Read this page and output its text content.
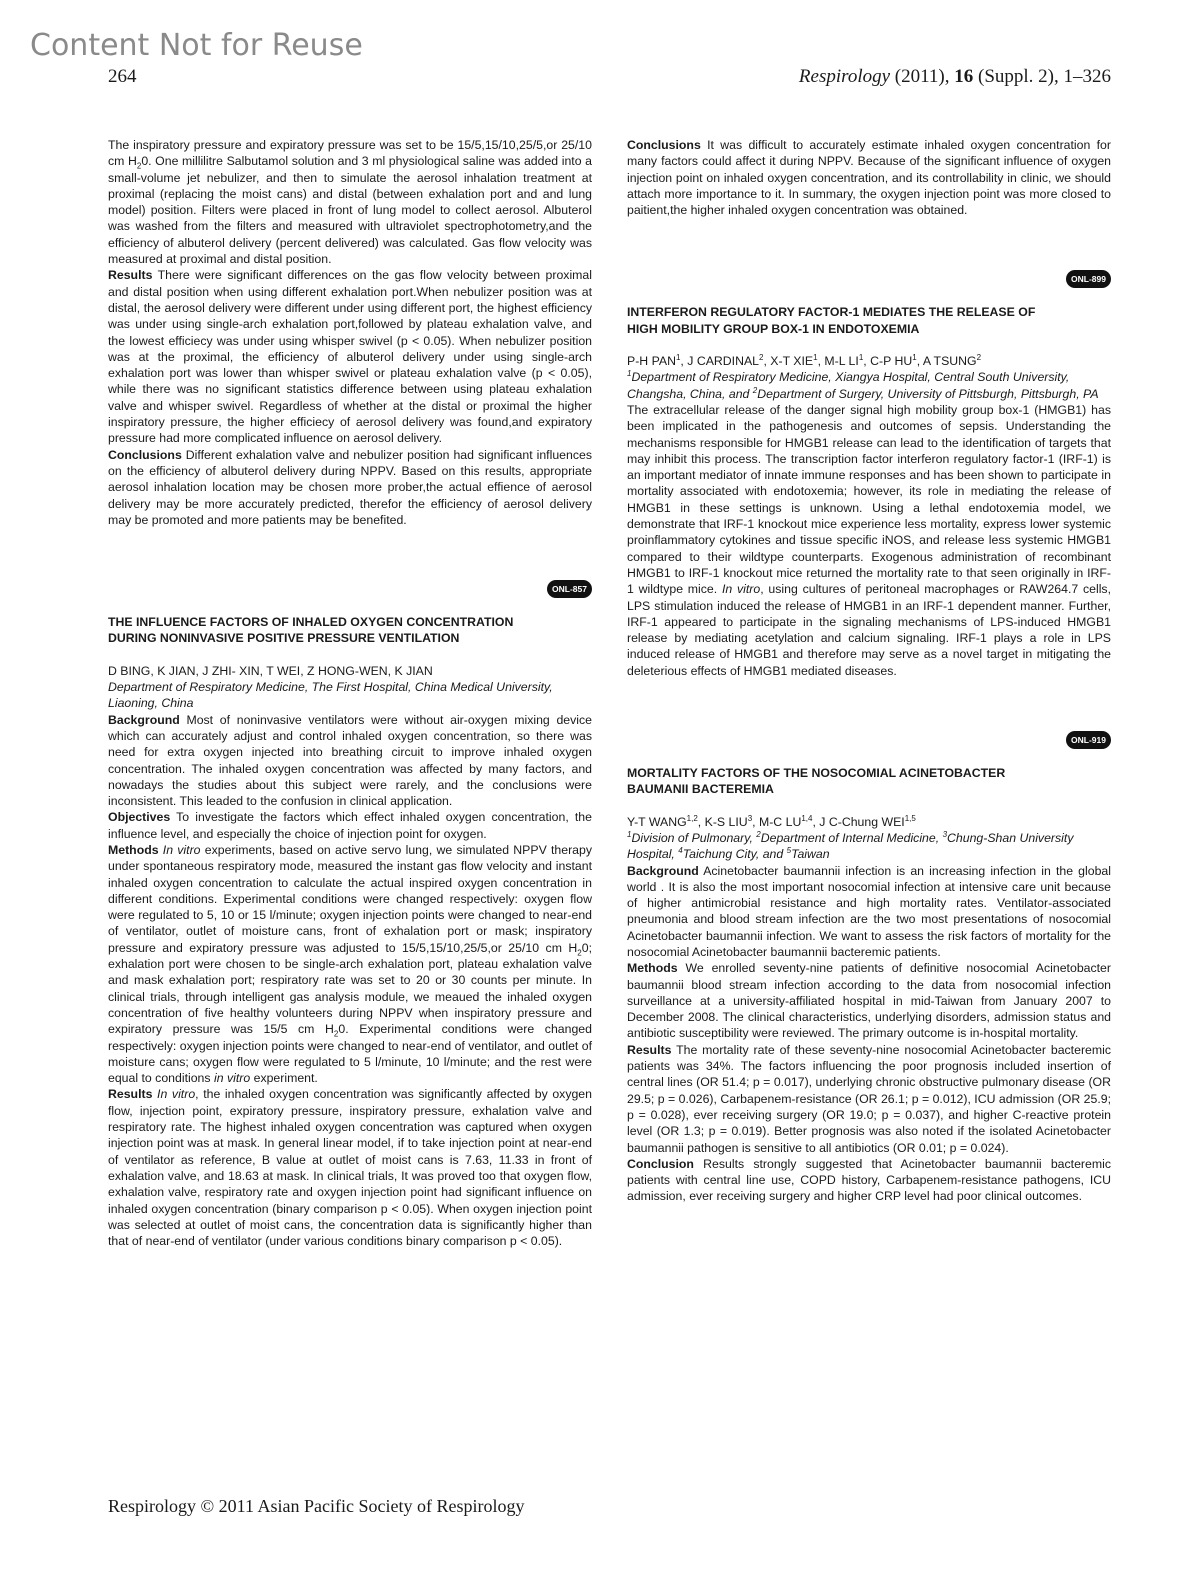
Content Not for Reuse
264	Respirology (2011), 16 (Suppl. 2), 1–326

The inspiratory pressure and expiratory pressure was set to be 15/5,15/10,25/5,or 25/10 cm $H_20$. One millilitre Salbutamol solution and 3 ml physiological saline was added into a small-volume jet nebulizer, and then to simulate the aerosol inhalation treatment at proximal (replacing the moist cans) and distal (between exhalation port and and lung model) position. Filters were placed in front of lung model to collect aerosol. Albuterol was washed from the filters and measured with ultraviolet spectrophotometry,and the efficiency of albuterol delivery (percent delivered) was calculated. Gas flow velocity was measured at proximal and distal position.

Results There were significant differences on the gas flow velocity between proximal and distal position when using different exhalation port.When nebulizer position was at distal, the aerosol delivery were different under using different port, the highest efficiency was under using single-arch exhalation port,followed by plateau exhalation valve, and the lowest efficiecy was under using whisper swivel (p < 0.05). When nebulizer position was at the proximal, the efficiency of albuterol delivery under using single-arch exhalation port was lower than whisper swivel or plateau exhalation valve (p < 0.05), while there was no significant statistics difference between using plateau exhalation valve and whisper swivel. Regardless of whether at the distal or proximal the higher inspiratory pressure, the higher efficiecy of aerosol delivery was found,and expiratory pressure had more complicated influence on aerosol delivery.

Conclusions Different exhalation valve and nebulizer position had significant influences on the efficiency of albuterol delivery during NPPV. Based on this results, appropriate aerosol inhalation location may be chosen more prober,the actual effience of aerosol delivery may be more accurately predicted, therefor the efficiency of aerosol delivery may be promoted and more patients may be benefited.

ONL-857
THE INFLUENCE FACTORS OF INHALED OXYGEN CONCENTRATION
DURING NONINVASIVE POSITIVE PRESSURE VENTILATION

D BING, K JIAN, J ZHI- XIN, T WEI, Z HONG-WEN, K JIAN

Department of Respiratory Medicine, The First Hospital, China Medical University, Liaoning, China

Background Most of noninvasive ventilators were without air-oxygen mixing device which can accurately adjust and control inhaled oxygen concentration, so there was need for extra oxygen injected into breathing circuit to improve inhaled oxygen concentration. The inhaled oxygen concentration was affected by many factors, and nowadays the studies about this subject were rarely, and the conclusions were inconsistent. This leaded to the confusion in clinical application.

Objectives To investigate the factors which effect inhaled oxygen concentration, the influence level, and especially the choice of injection point for oxygen.

Methods In vitro experiments, based on active servo lung, we simulated NPPV therapy under spontaneous respiratory mode, measured the instant gas flow velocity and instant inhaled oxygen concentration to calculate the actual inspired oxygen concentration in different conditions. Experimental conditions were changed respectively: oxygen flow were regulated to 5, 10 or 15 l/minute; oxygen injection points were changed to near-end of ventilator, outlet of moisture cans, front of exhalation port or mask; inspiratory pressure and expiratory pressure was adjusted to 15/5,15/10,25/5,or 25/10 cm $H_20$; exhalation port were chosen to be single-arch exhalation port, plateau exhalation valve and mask exhalation port; respiratory rate was set to 20 or 30 counts per minute. In clinical trials, through intelligent gas analysis module, we meaued the inhaled oxygen concentration of five healthy volunteers during NPPV when inspiratory pressure and expiratory pressure was 15/5 cm $H_20$. Experimental conditions were changed respectively: oxygen injection points were changed to near-end of ventilator, and outlet of moisture cans; oxygen flow were regulated to 5 l/minute, 10 l/minute; and the rest were equal to conditions in vitro experiment.

Results In vitro, the inhaled oxygen concentration was significantly affected by oxygen flow, injection point, expiratory pressure, inspiratory pressure, exhalation valve and respiratory rate. The highest inhaled oxygen concentration was captured when oxygen injection point was at mask. In general linear model, if to take injection point at near-end of ventilator as reference, B value at outlet of moist cans is 7.63, 11.33 in front of exhalation valve, and 18.63 at mask. In clinical trials, It was proved too that oxygen flow, exhalation valve, respiratory rate and oxygen injection point had significant influence on inhaled oxygen concentration (binary comparison p < 0.05). When oxygen injection point was selected at outlet of moist cans, the concentration data is significantly higher than that of near-end of ventilator (under various conditions binary comparison p < 0.05).

Conclusions It was difficult to accurately estimate inhaled oxygen concentration for many factors could affect it during NPPV. Because of the significant influence of oxygen injection point on inhaled oxygen concentration, and its controllability in clinic, we should attach more importance to it. In summary, the oxygen injection point was more closed to paitient,the higher inhaled oxygen concentration was obtained.

ONL-899
INTERFERON REGULATORY FACTOR-1 MEDIATES THE RELEASE OF
HIGH MOBILITY GROUP BOX-1 IN ENDOTOXEMIA

P-H PAN$^1$, J CARDINAL$^2$, X-T XIE$^1$, M-L $LI^1$, C-P $HU^1$, A TSUNG$^2$

$^1$Department of Respiratory Medicine, Xiangya Hospital, Central South University, Changsha, China, and $^2$Department of Surgery, University of Pittsburgh, Pittsburgh, PA

The extracellular release of the danger signal high mobility group box-1 (HMGB1) has been implicated in the pathogenesis and outcomes of sepsis. Understanding the mechanisms responsible for HMGB1 release can lead to the identification of targets that may inhibit this process. The transcription factor interferon regulatory factor-1 (IRF-1) is an important mediator of innate immune responses and has been shown to participate in mortality associated with endotoxemia; however, its role in mediating the release of HMGB1 in these settings is unknown. Using a lethal endotoxemia model, we demonstrate that IRF-1 knockout mice experience less mortality, express lower systemic proinflammatory cytokines and tissue specific iNOS, and release less systemic HMGB1 compared to their wildtype counterparts. Exogenous administration of recombinant HMGB1 to IRF-1 knockout mice returned the mortality rate to that seen originally in IRF-1 wildtype mice. In vitro, using cultures of peritoneal macrophages or RAW264.7 cells, LPS stimulation induced the release of HMGB1 in an IRF-1 dependent manner. Further, IRF-1 appeared to participate in the signaling mechanisms of LPS-induced HMGB1 release by mediating acetylation and calcium signaling. IRF-1 plays a role in LPS induced release of HMGB1 and therefore may serve as a novel target in mitigating the deleterious effects of HMGB1 mediated diseases.

ONL-919
MORTALITY FACTORS OF THE NOSOCOMIAL ACINETOBACTER
BAUMANII BACTEREMIA

Y-T WANG$^{1,2}$, K-S LIU$^3$, M-C LU$^{1,4}$, J C-Chung WEI$^{1,5}$

$^1$Division of Pulmonary, $^2$Department of Internal Medicine, $^3$Chung-Shan University Hospital, $^4$Taichung City, and $^5$Taiwan

Background Acinetobacter baumannii infection is an increasing infection in the global world . It is also the most important nosocomial infection at intensive care unit because of higher antimicrobial resistance and high mortality rates. Ventilator-associated pneumonia and blood stream infection are the two most presentations of nosocomial Acinetobacter baumannii infection. We want to assess the risk factors of mortality for the nosocomial Acinetobacter baumannii bacteremic patients.

Methods We enrolled seventy-nine patients of definitive nosocomial Acinetobacter baumannii blood stream infection according to the data from nosocomial infection surveillance at a university-affiliated hospital in mid-Taiwan from January 2007 to December 2008. The clinical characteristics, underlying disorders, admission status and antibiotic susceptibility were reviewed. The primary outcome is in-hospital mortality.

Results The mortality rate of these seventy-nine nosocomial Acinetobacter bacteremic patients was 34%. The factors influencing the poor prognosis included insertion of central lines (OR 51.4; p = 0.017), underlying chronic obstructive pulmonary disease (OR 29.5; p = 0.026), Carbapenem-resistance (OR 26.1; p = 0.012), ICU admission (OR 25.9; p = 0.028), ever receiving surgery (OR 19.0; p = 0.037), and higher C-reactive protein level (OR 1.3; p = 0.019). Better prognosis was also noted if the isolated Acinetobacter baumannii pathogen is sensitive to all antibiotics (OR 0.01; p = 0.024).

Conclusion Results strongly suggested that Acinetobacter baumannii bacteremic patients with central line use, COPD history, Carbapenem-resistance pathogens, ICU admission, ever receiving surgery and higher CRP level had poor clinical outcomes.

Respirology © 2011 Asian Pacific Society of Respirology
